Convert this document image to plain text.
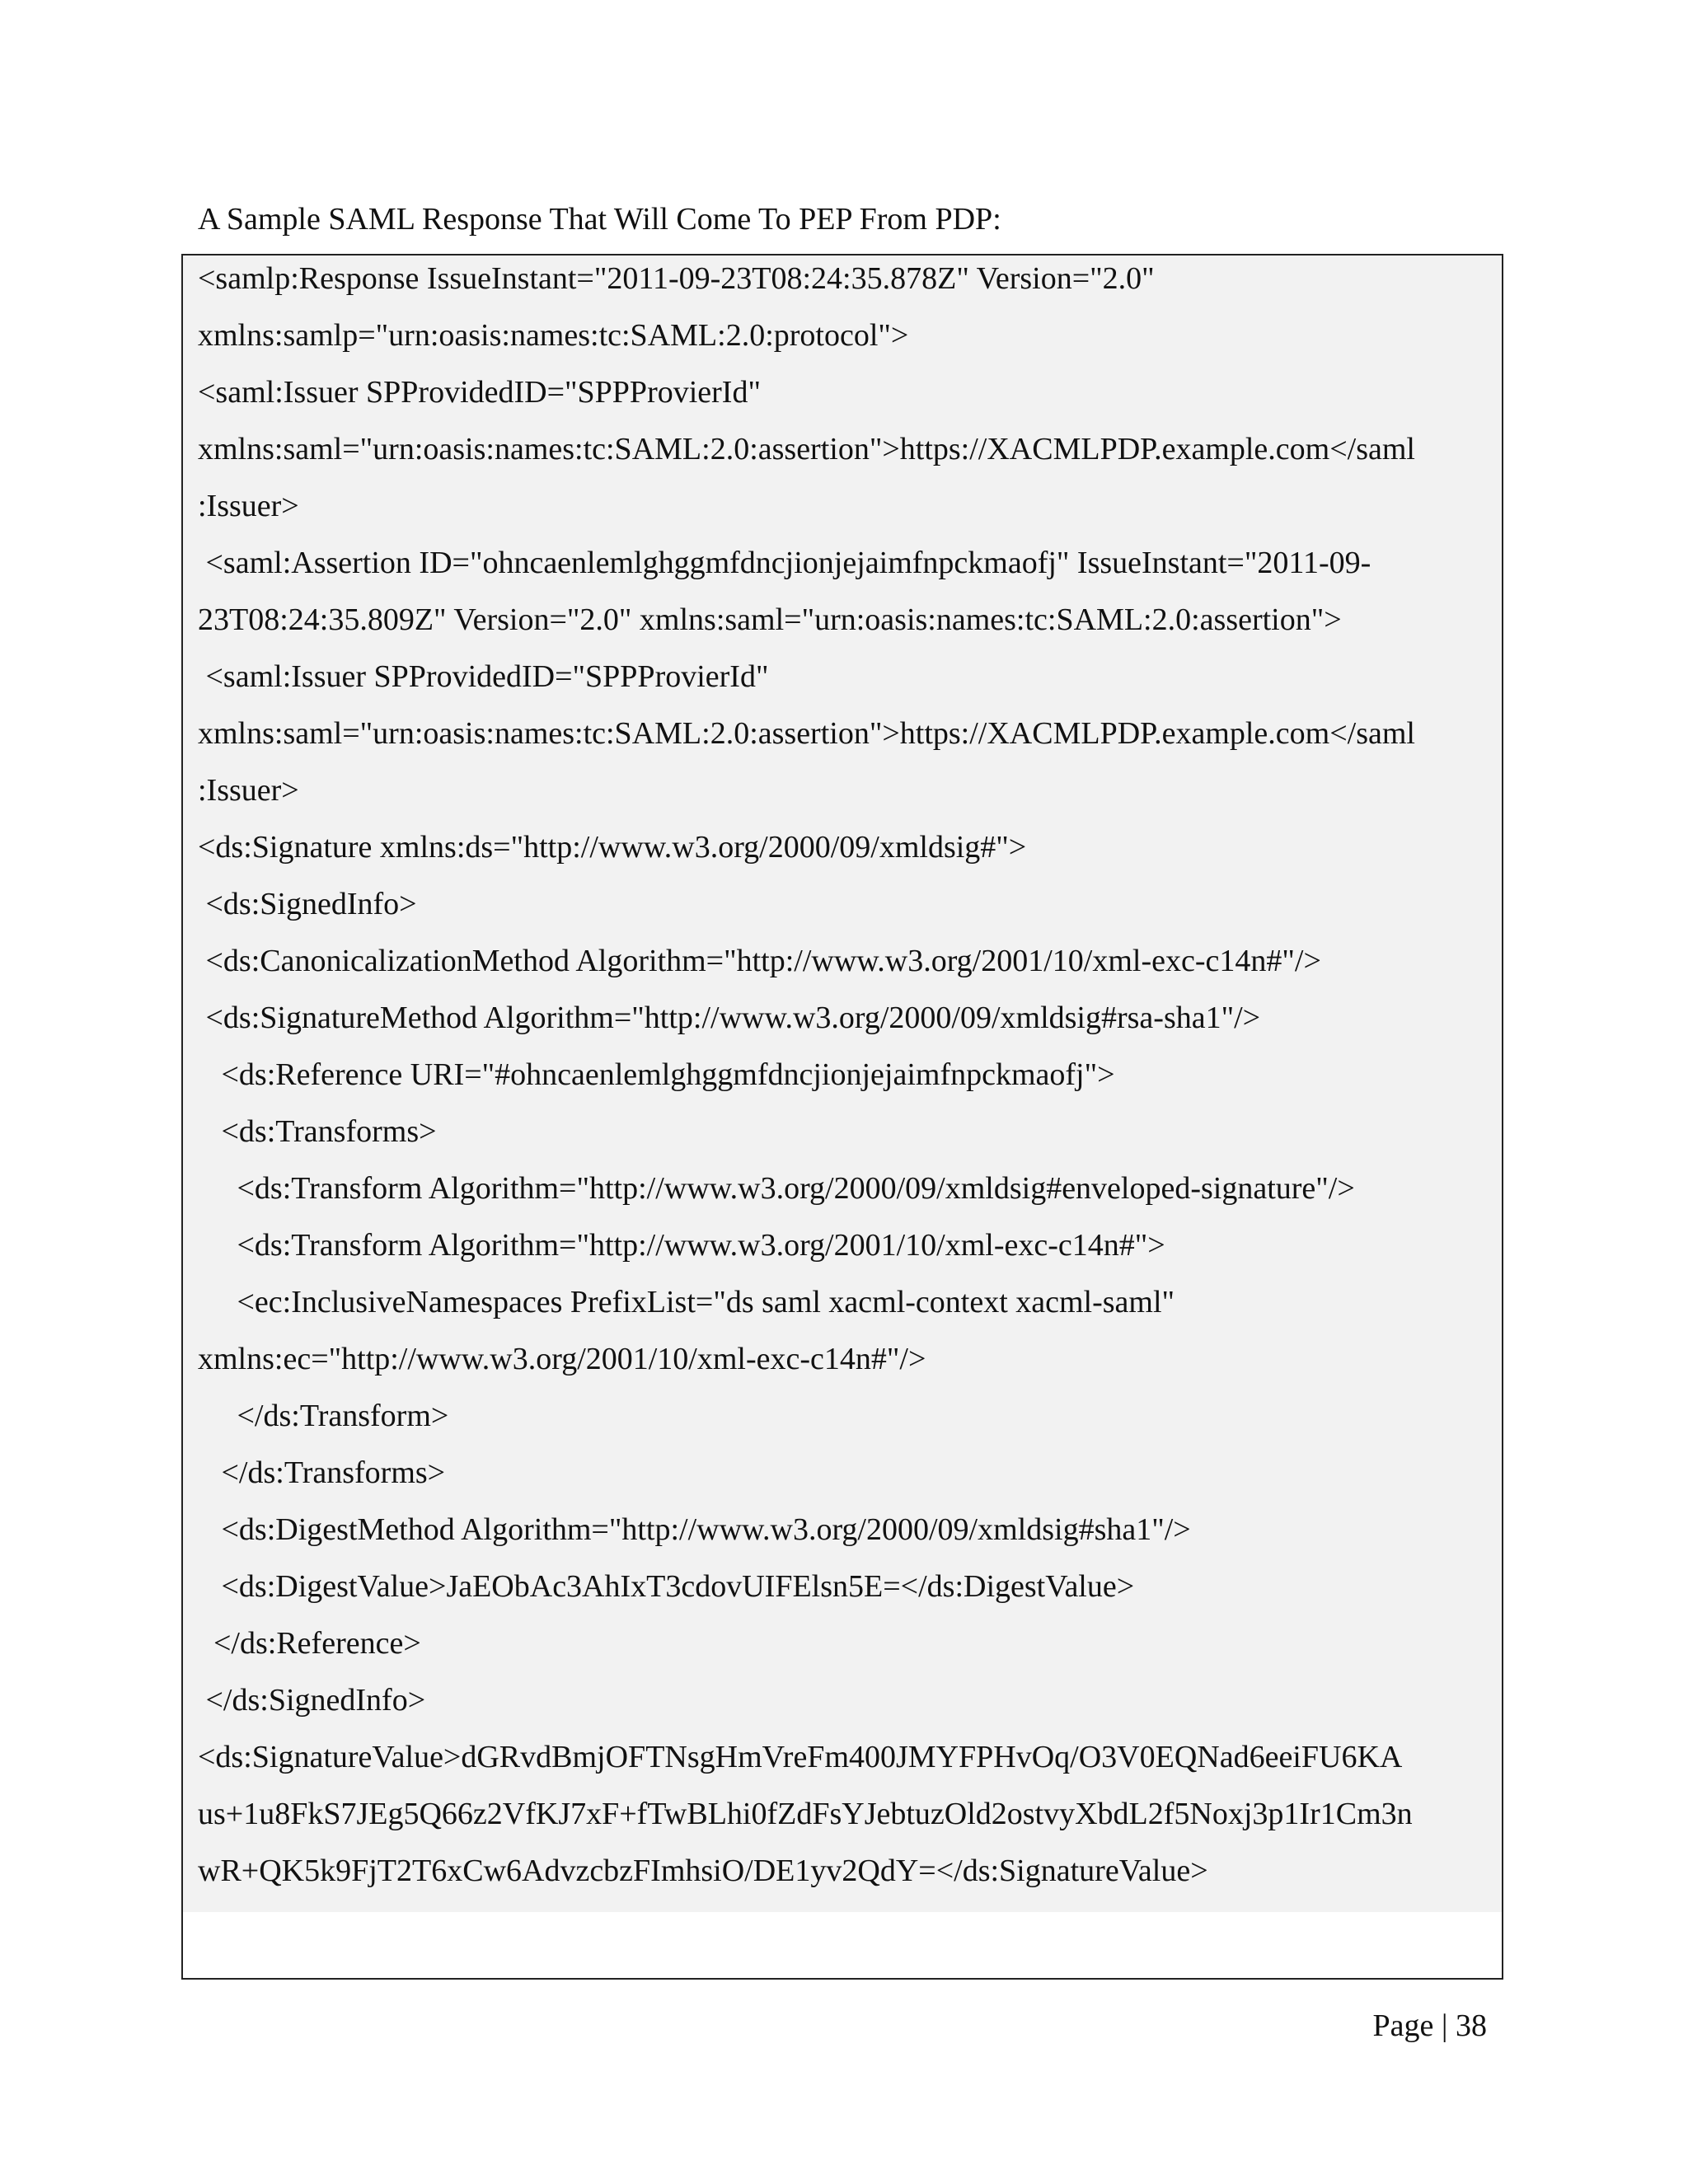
A Sample SAML Response That Will Come To PEP From PDP:
<samlp:Response IssueInstant="2011-09-23T08:24:35.878Z" Version="2.0"
xmlns:samlp="urn:oasis:names:tc:SAML:2.0:protocol">
<saml:Issuer SPProvidedID="SPPProvierId"
xmlns:saml="urn:oasis:names:tc:SAML:2.0:assertion">https://XACMLPDP.example.com</saml
:Issuer>
<saml:Assertion ID="ohncaenlemlghggmfdncjionjejaimfnpckmaofj" IssueInstant="2011-09-
23T08:24:35.809Z" Version="2.0" xmlns:saml="urn:oasis:names:tc:SAML:2.0:assertion">
<saml:Issuer SPProvidedID="SPPProvierId"
xmlns:saml="urn:oasis:names:tc:SAML:2.0:assertion">https://XACMLPDP.example.com</saml
:Issuer>
<ds:Signature xmlns:ds="http://www.w3.org/2000/09/xmldsig#">
<ds:SignedInfo>
<ds:CanonicalizationMethod Algorithm="http://www.w3.org/2001/10/xml-exc-c14n#"/>
<ds:SignatureMethod Algorithm="http://www.w3.org/2000/09/xmldsig#rsa-sha1"/>
<ds:Reference URI="#ohncaenlemlghggmfdncjionjejaimfnpckmaofj">
<ds:Transforms>
<ds:Transform Algorithm="http://www.w3.org/2000/09/xmldsig#enveloped-signature"/>
<ds:Transform Algorithm="http://www.w3.org/2001/10/xml-exc-c14n#">
<ec:InclusiveNamespaces PrefixList="ds saml xacml-context xacml-saml"
xmlns:ec="http://www.w3.org/2001/10/xml-exc-c14n#"/>
</ds:Transform>
</ds:Transforms>
<ds:DigestMethod Algorithm="http://www.w3.org/2000/09/xmldsig#sha1"/>
<ds:DigestValue>JaEObAc3AhIxT3cdovUIFElsn5E=</ds:DigestValue>
</ds:Reference>
</ds:SignedInfo>
<ds:SignatureValue>dGRvdBmjOFTNsgHmVreFm400JMYFPHvOq/O3V0EQNad6eeiFU6KA
us+1u8FkS7JEg5Q66z2VfKJ7xF+fTwBLhi0fZdFsYJebtuzOld2ostvyXbdL2f5Noxj3p1Ir1Cm3n
wR+QK5k9FjT2T6xCw6AdvzcbzFImhsiO/DE1yv2QdY=</ds:SignatureValue>
Page | 38
